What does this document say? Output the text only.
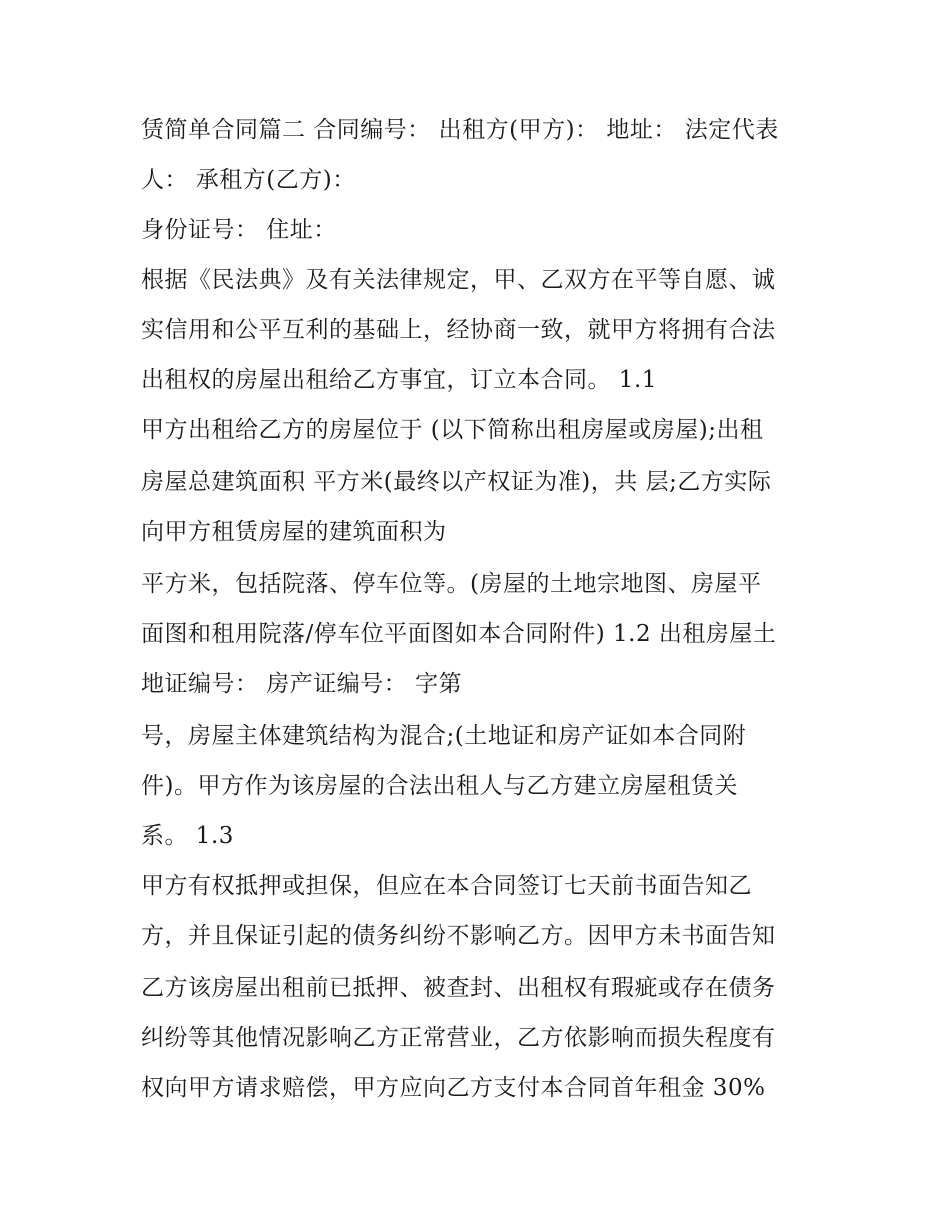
赁简单合同篇二 合同编号： 出租方(甲方)： 地址： 法定代表
人： 承租方(乙方)：
身份证号： 住址：
根据《民法典》及有关法律规定，甲、乙双方在平等自愿、诚
实信用和公平互利的基础上，经协商一致，就甲方将拥有合法
出租权的房屋出租给乙方事宜，订立本合同。 1.1
甲方出租给乙方的房屋位于 (以下简称出租房屋或房屋);出租
房屋总建筑面积 平方米(最终以产权证为准)，共 层;乙方实际
向甲方租赁房屋的建筑面积为
平方米，包括院落、停车位等。(房屋的土地宗地图、房屋平
面图和租用院落/停车位平面图如本合同附件) 1.2 出租房屋土
地证编号： 房产证编号： 字第
号，房屋主体建筑结构为混合;(土地证和房产证如本合同附
件)。甲方作为该房屋的合法出租人与乙方建立房屋租赁关
系。 1.3
甲方有权抵押或担保，但应在本合同签订七天前书面告知乙
方，并且保证引起的债务纠纷不影响乙方。因甲方未书面告知
乙方该房屋出租前已抵押、被查封、出租权有瑕疵或存在债务
纠纷等其他情况影响乙方正常营业，乙方依影响而损失程度有
权向甲方请求赔偿，甲方应向乙方支付本合同首年租金 30%
